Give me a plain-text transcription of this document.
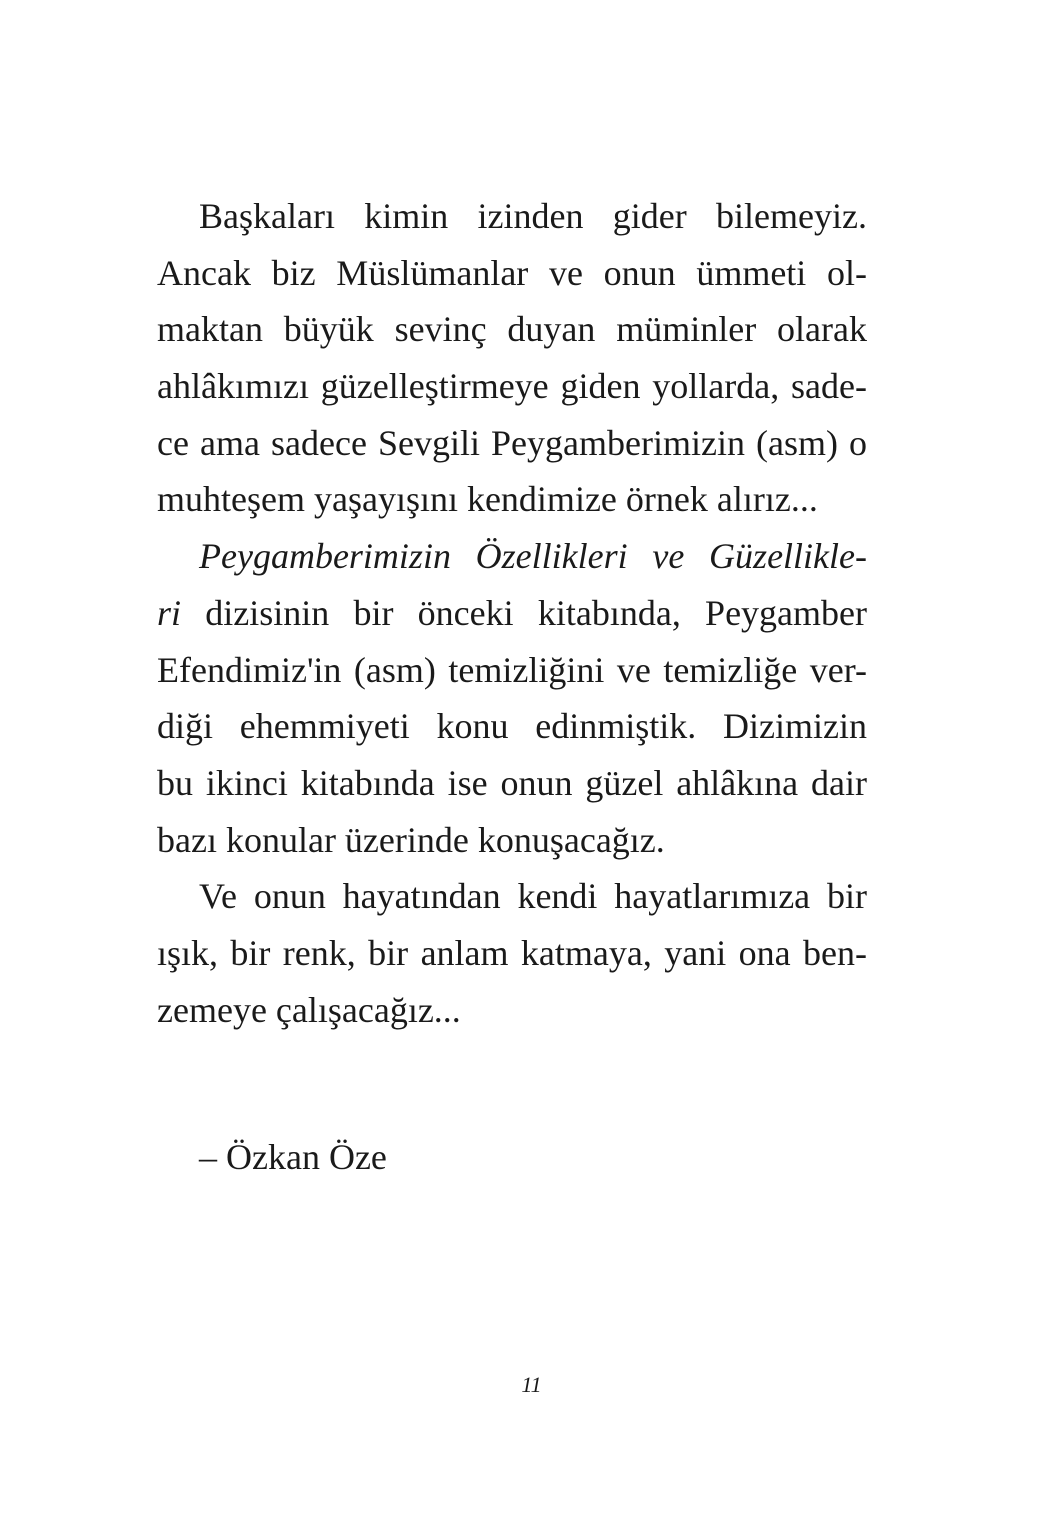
Başkaları kimin izinden gider bilemeyiz.
Ancak biz Müslümanlar ve onun ümmeti ol-
maktan büyük sevinç duyan müminler olarak
ahlâkımızı güzelleştirmeye giden yollarda, sade-
ce ama sadece Sevgili Peygamberimizin (asm) o
muhteşem yaşayışını kendimize örnek alırız...
Peygamberimizin Özellikleri ve Güzellikle-
ri dizisinin bir önceki kitabında, Peygamber
Efendimiz'in (asm) temizliğini ve temizliğe ver-
diği ehemmiyeti konu edinmiştik. Dizimizin
bu ikinci kitabında ise onun güzel ahlâkına dair
bazı konular üzerinde konuşacağız.
Ve onun hayatından kendi hayatlarımıza bir
ışık, bir renk, bir anlam katmaya, yani ona ben-
zemeye çalışacağız...
– Özkan Öze
11
